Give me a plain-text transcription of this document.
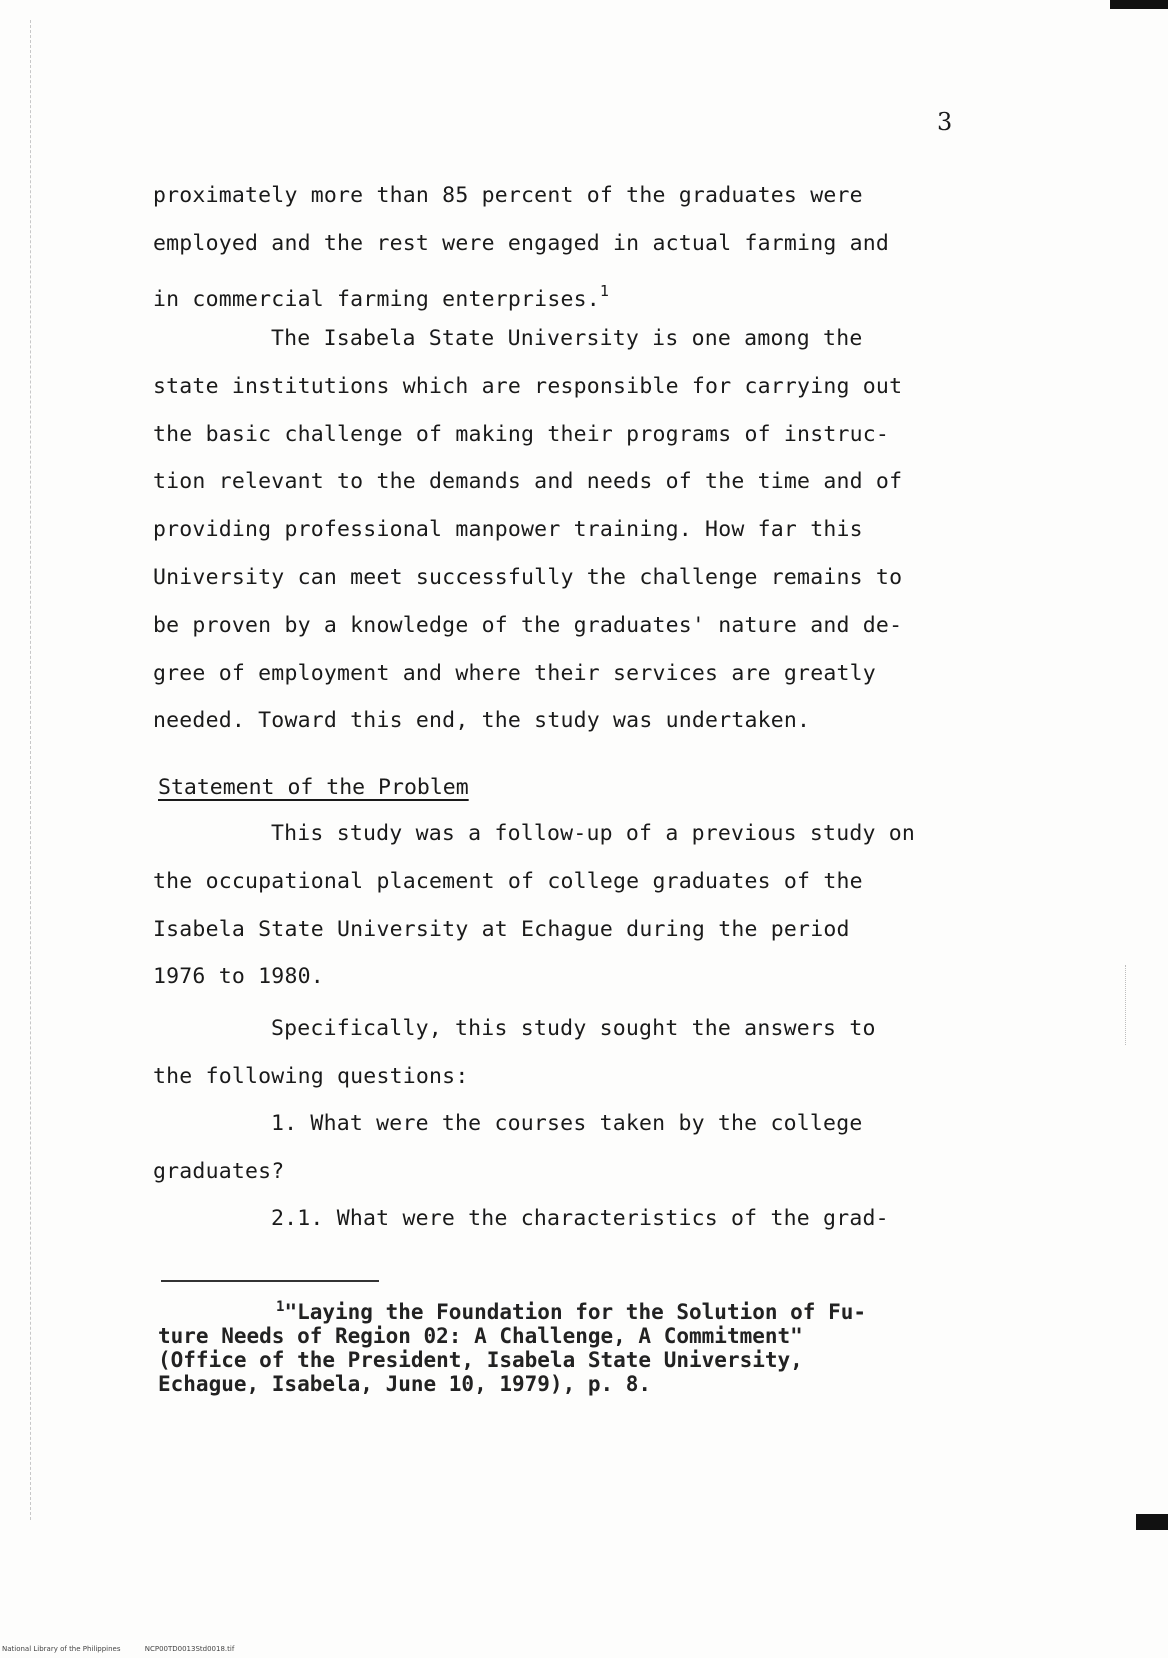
3
proximately more than 85 percent of the graduates were
employed and the rest were engaged in actual farming and
in commercial farming enterprises.$^1$
The Isabela State University is one among the
state institutions which are responsible for carrying out
the basic challenge of making their programs of instruc-
tion relevant to the demands and needs of the time and of
providing professional manpower training. How far this
University can meet successfully the challenge remains to
be proven by a knowledge of the graduates' nature and de-
gree of employment and where their services are greatly
needed. Toward this end, the study was undertaken.
Statement of the Problem
This study was a follow-up of a previous study on
the occupational placement of college graduates of the
Isabela State University at Echague during the period
1976 to 1980.
Specifically, this study sought the answers to
the following questions:
1. What were the courses taken by the college
graduates?
2.1. What were the characteristics of the grad-
$^1$"Laying the Foundation for the Solution of Fu-
ture Needs of Region 02: A Challenge, A Commitment"
(Office of the President, Isabela State University,
Echague, Isabela, June 10, 1979), p. 8.
National Library of the Philippines	NCP00TD0013Std0018.tif
